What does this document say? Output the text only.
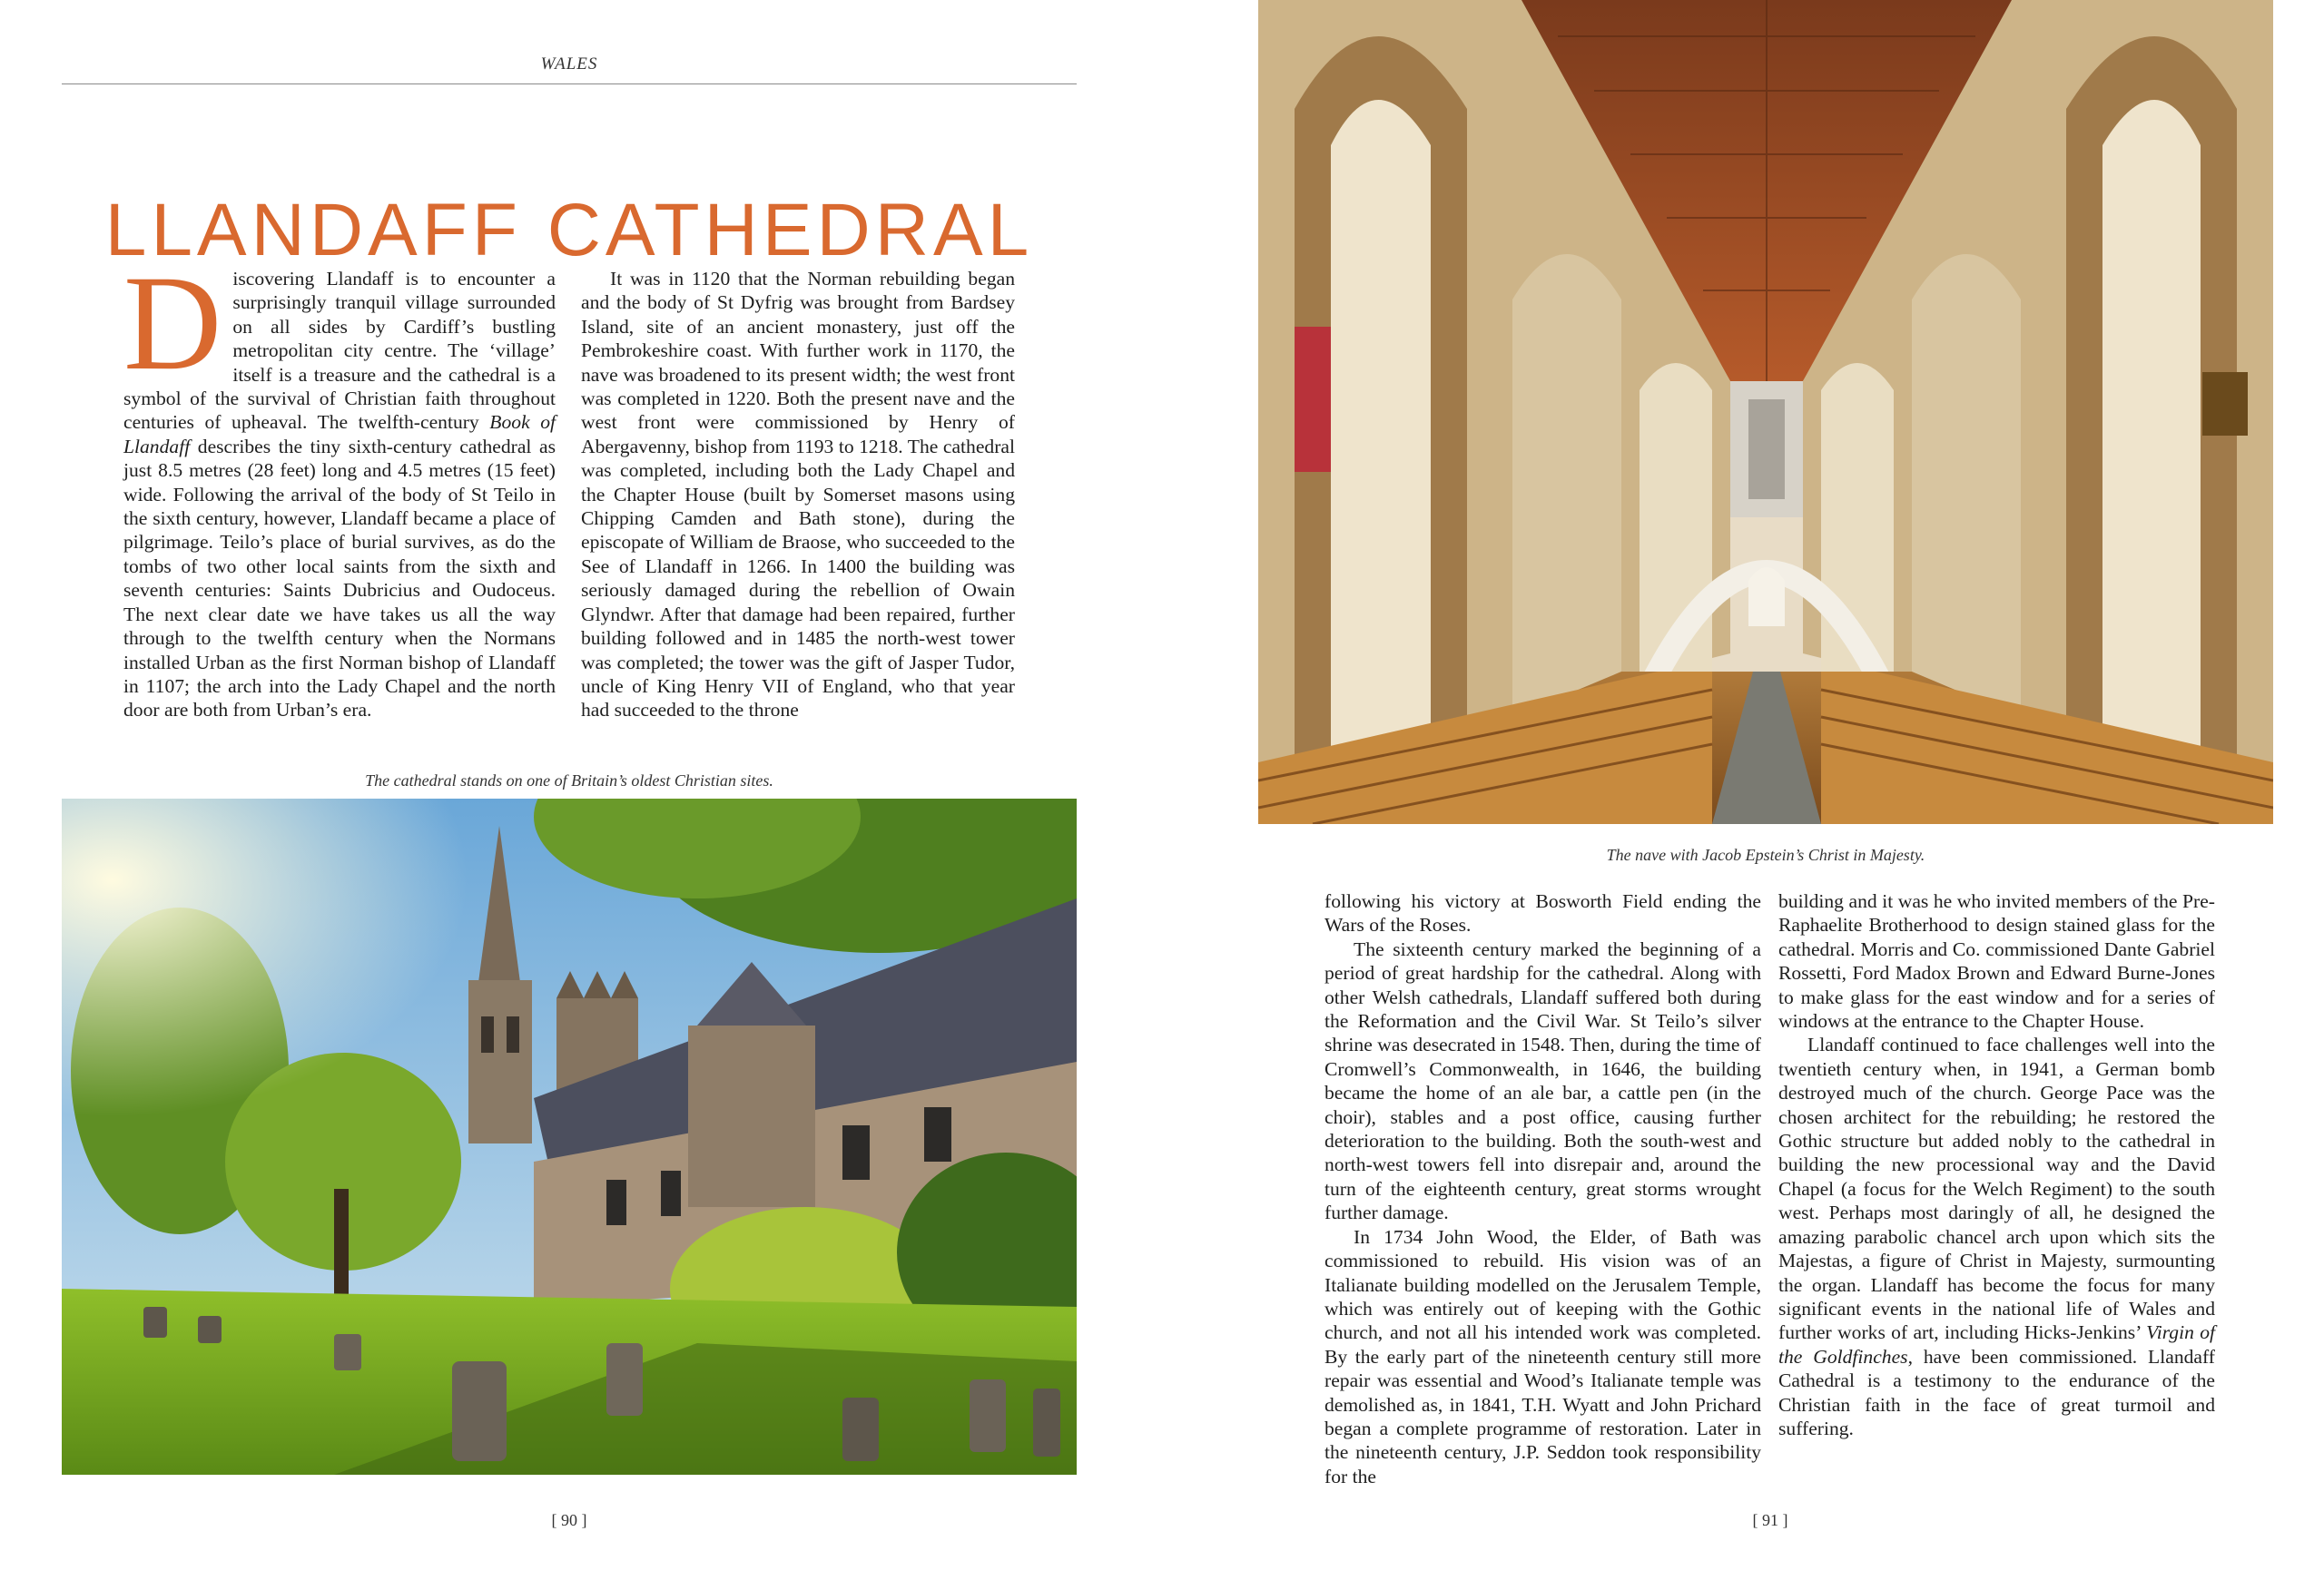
WALES
LLANDAFF CATHEDRAL

D iscovering Llandaff is to encounter a surprisingly tranquil village surrounded on all sides by Cardiff’s bustling metropolitan city centre. The ‘village’ itself is a treasure and the cathedral is a symbol of the survival of Christian faith throughout centuries of upheaval. The twelfth-century Book of Llandaff describes the tiny sixth-century cathedral as just 8.5 metres (28 feet) long and 4.5 metres (15 feet) wide. Following the arrival of the body of St Teilo in the sixth century, however, Llandaff became a place of pilgrimage. Teilo’s place of burial survives, as do the tombs of two other local saints from the sixth and seventh centuries: Saints Dubricius and Oudoceus. The next clear date we have takes us all the way through to the twelfth century when the Normans installed Urban as the first Norman bishop of Llandaff in 1107; the arch into the Lady Chapel and the north door are both from Urban’s era.

It was in 1120 that the Norman rebuilding began and the body of St Dyfrig was brought from Bardsey Island, site of an ancient monastery, just off the Pembrokeshire coast. With further work in 1170, the nave was broadened to its present width; the west front was completed in 1220. Both the present nave and the west front were commissioned by Henry of Abergavenny, bishop from 1193 to 1218. The cathedral was completed, including both the Lady Chapel and the Chapter House (built by Somerset masons using Chipping Camden and Bath stone), during the episcopate of William de Braose, who succeeded to the See of Llandaff in 1266. In 1400 the building was seriously damaged during the rebellion of Owain Glyndwr. After that damage had been repaired, further building followed and in 1485 the north-west tower was completed; the tower was the gift of Jasper Tudor, uncle of King Henry VII of England, who that year had succeeded to the throne

The cathedral stands on one of Britain’s oldest Christian sites.
[ 90 ]
The nave with Jacob Epstein’s Christ in Majesty.

following his victory at Bosworth Field ending the Wars of the Roses.

The sixteenth century marked the beginning of a period of great hardship for the cathedral. Along with other Welsh cathedrals, Llandaff suffered both during the Reformation and the Civil War. St Teilo’s silver shrine was desecrated in 1548. Then, during the time of Cromwell’s Commonwealth, in 1646, the building became the home of an ale bar, a cattle pen (in the choir), stables and a post office, causing further deterioration to the building. Both the south-west and north-west towers fell into disrepair and, around the turn of the eighteenth century, great storms wrought further damage.

In 1734 John Wood, the Elder, of Bath was commissioned to rebuild. His vision was of an Italianate building modelled on the Jerusalem Temple, which was entirely out of keeping with the Gothic church, and not all his intended work was completed. By the early part of the nineteenth century still more repair was essential and Wood’s Italianate temple was demolished as, in 1841, T.H. Wyatt and John Prichard began a complete programme of restoration. Later in the nineteenth century, J.P. Seddon took responsibility for the

building and it was he who invited members of the Pre-Raphaelite Brotherhood to design stained glass for the cathedral. Morris and Co. commissioned Dante Gabriel Rossetti, Ford Madox Brown and Edward Burne-Jones to make glass for the east window and for a series of windows at the entrance to the Chapter House.

Llandaff continued to face challenges well into the twentieth century when, in 1941, a German bomb destroyed much of the church. George Pace was the chosen architect for the rebuilding; he restored the Gothic structure but added nobly to the cathedral in building the new processional way and the David Chapel (a focus for the Welch Regiment) to the south west. Perhaps most daringly of all, he designed the amazing parabolic chancel arch upon which sits the Majestas, a figure of Christ in Majesty, surmounting the organ. Llandaff has become the focus for many significant events in the national life of Wales and further works of art, including Hicks-Jenkins’ Virgin of the Goldfinches, have been commissioned. Llandaff Cathedral is a testimony to the endurance of the Christian faith in the face of great turmoil and suffering.

[ 91 ]
